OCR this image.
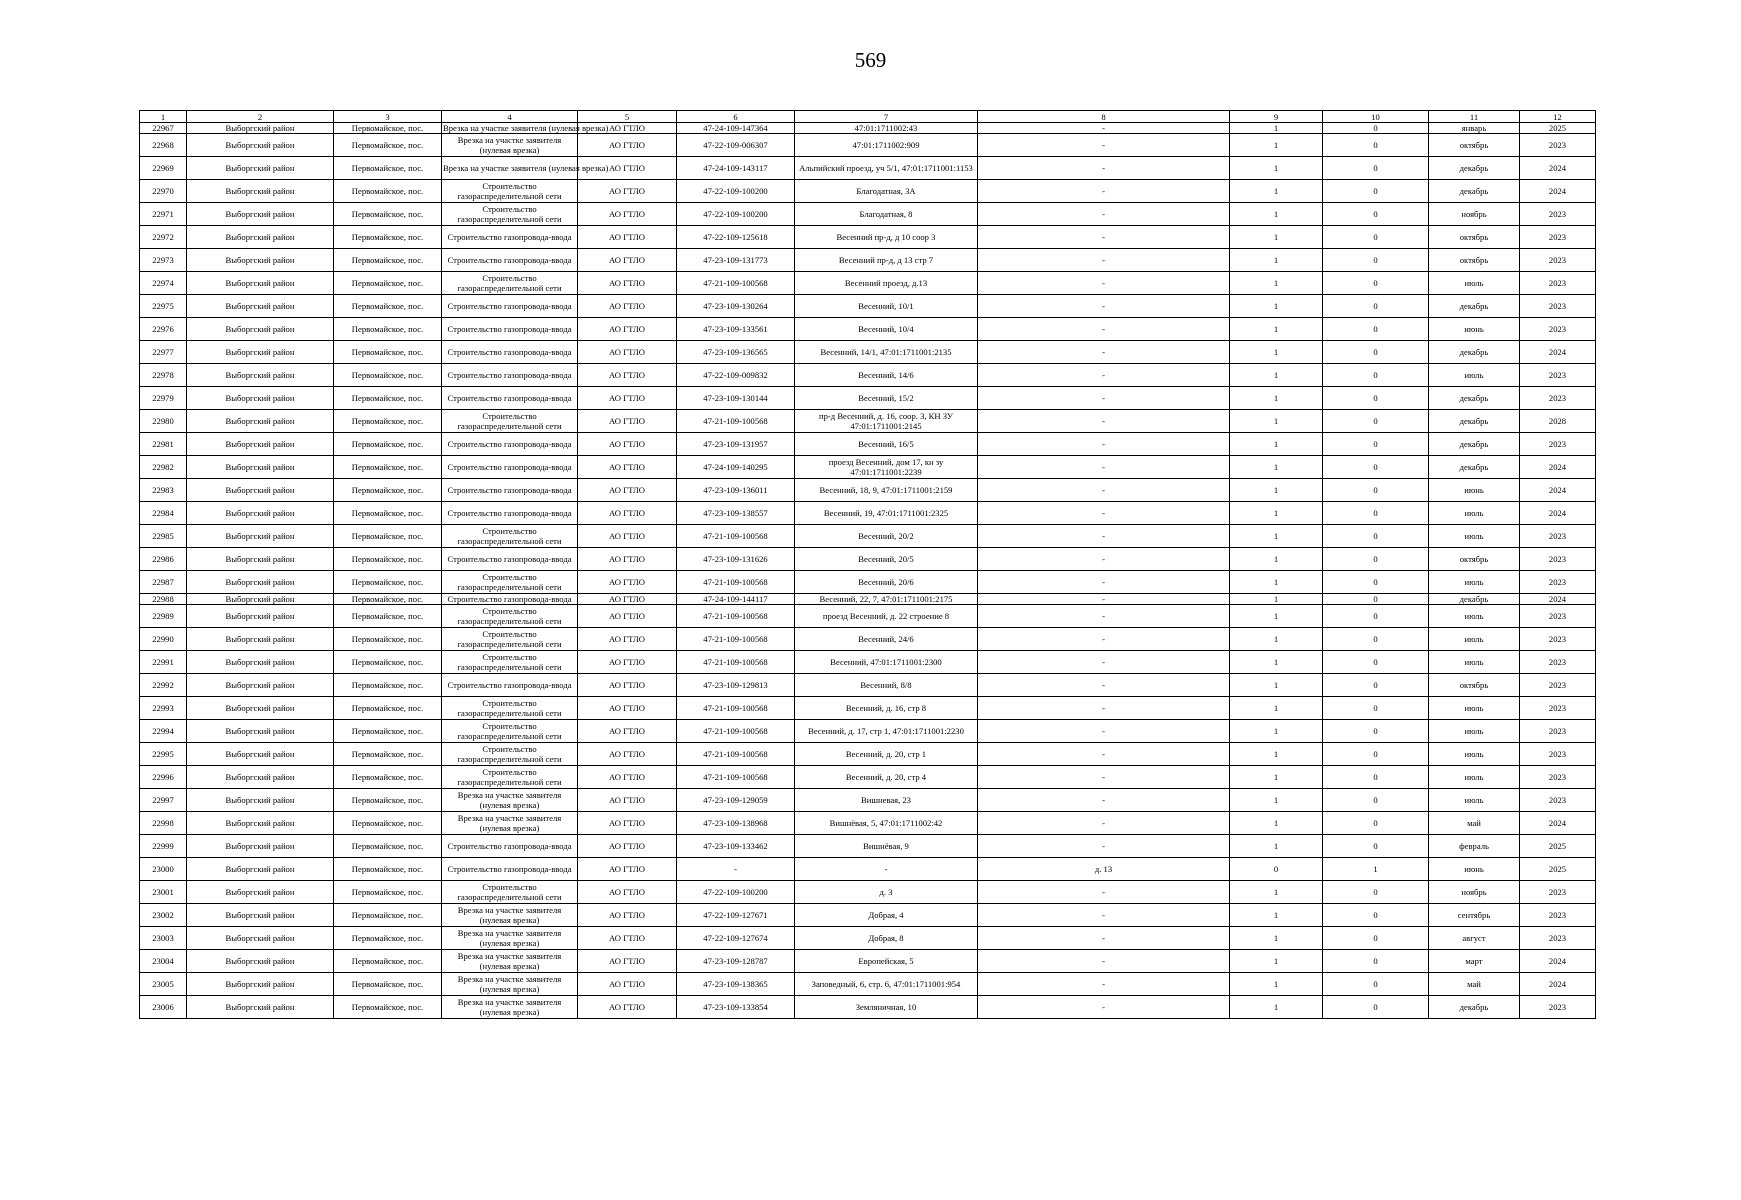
569
1	2	3	4	5	6	7	8	9	10	11	12
22967	Выборгский район	Первомайское, пос.	Врезка на участке заявителя (нулевая врезка)	АО ГТЛО	47-24-109-147364	47:01:1711002:43	-	1	0	январь	2025
22968	Выборгский район	Первомайское, пос.	Врезка на участке заявителя (нулевая врезка)	АО ГТЛО	47-22-109-006307	47:01:1711002:909	-	1	0	октябрь	2023
22969	Выборгский район	Первомайское, пос.	Врезка на участке заявителя (нулевая врезка)	АО ГТЛО	47-24-109-143117	Альпийский проезд, уч 5/1, 47:01:1711001:1153	-	1	0	декабрь	2024
22970	Выборгский район	Первомайское, пос.	Строительство газораспределительной сети	АО ГТЛО	47-22-109-100200	Благодатная, 3А	-	1	0	декабрь	2024
22971	Выборгский район	Первомайское, пос.	Строительство газораспределительной сети	АО ГТЛО	47-22-109-100200	Благодатная, 8	-	1	0	ноябрь	2023
22972	Выборгский район	Первомайское, пос.	Строительство газопровода-ввода	АО ГТЛО	47-22-109-125618	Весенний пр-д, д 10 соор 3	-	1	0	октябрь	2023
22973	Выборгский район	Первомайское, пос.	Строительство газопровода-ввода	АО ГТЛО	47-23-109-131773	Весенний пр-д, д 13 стр 7	-	1	0	октябрь	2023
22974	Выборгский район	Первомайское, пос.	Строительство газораспределительной сети	АО ГТЛО	47-21-109-100568	Весенний проезд, д.13	-	1	0	июль	2023
22975	Выборгский район	Первомайское, пос.	Строительство газопровода-ввода	АО ГТЛО	47-23-109-130264	Весенний, 10/1	-	1	0	декабрь	2023
22976	Выборгский район	Первомайское, пос.	Строительство газопровода-ввода	АО ГТЛО	47-23-109-133561	Весенний, 10/4	-	1	0	июнь	2023
22977	Выборгский район	Первомайское, пос.	Строительство газопровода-ввода	АО ГТЛО	47-23-109-136565	Весенний, 14/1, 47:01:1711001:2135	-	1	0	декабрь	2024
22978	Выборгский район	Первомайское, пос.	Строительство газопровода-ввода	АО ГТЛО	47-22-109-009832	Весенний, 14/6	-	1	0	июль	2023
22979	Выборгский район	Первомайское, пос.	Строительство газопровода-ввода	АО ГТЛО	47-23-109-130144	Весенний, 15/2	-	1	0	декабрь	2023
22980	Выборгский район	Первомайское, пос.	Строительство газораспределительной сети	АО ГТЛО	47-21-109-100568	пр-д Весенний, д. 16, соор. 3, КН ЗУ 47:01:1711001:2145	-	1	0	декабрь	2028
22981	Выборгский район	Первомайское, пос.	Строительство газопровода-ввода	АО ГТЛО	47-23-109-131957	Весенний, 16/5	-	1	0	декабрь	2023
22982	Выборгский район	Первомайское, пос.	Строительство газопровода-ввода	АО ГТЛО	47-24-109-140295	проезд Весенний, дом 17, кн зу 47:01:1711001:2239	-	1	0	декабрь	2024
22983	Выборгский район	Первомайское, пос.	Строительство газопровода-ввода	АО ГТЛО	47-23-109-136011	Весенний, 18, 9, 47:01:1711001:2159	-	1	0	июнь	2024
22984	Выборгский район	Первомайское, пос.	Строительство газопровода-ввода	АО ГТЛО	47-23-109-138557	Весенний, 19, 47:01:1711001:2325	-	1	0	июль	2024
22985	Выборгский район	Первомайское, пос.	Строительство газораспределительной сети	АО ГТЛО	47-21-109-100568	Весенний, 20/2	-	1	0	июль	2023
22986	Выборгский район	Первомайское, пос.	Строительство газопровода-ввода	АО ГТЛО	47-23-109-131626	Весенний, 20/5	-	1	0	октябрь	2023
22987	Выборгский район	Первомайское, пос.	Строительство газораспределительной сети	АО ГТЛО	47-21-109-100568	Весенний, 20/6	-	1	0	июль	2023
22988	Выборгский район	Первомайское, пос.	Строительство газопровода-ввода	АО ГТЛО	47-24-109-144117	Весенний, 22, 7, 47:01:1711001:2175	-	1	0	декабрь	2024
22989	Выборгский район	Первомайское, пос.	Строительство газораспределительной сети	АО ГТЛО	47-21-109-100568	проезд Весенний, д. 22 строение 8	-	1	0	июль	2023
22990	Выборгский район	Первомайское, пос.	Строительство газораспределительной сети	АО ГТЛО	47-21-109-100568	Весенний, 24/6	-	1	0	июль	2023
22991	Выборгский район	Первомайское, пос.	Строительство газораспределительной сети	АО ГТЛО	47-21-109-100568	Весенний, 47:01:1711001:2300	-	1	0	июль	2023
22992	Выборгский район	Первомайское, пос.	Строительство газопровода-ввода	АО ГТЛО	47-23-109-129813	Весенний, 8/8	-	1	0	октябрь	2023
22993	Выборгский район	Первомайское, пос.	Строительство газораспределительной сети	АО ГТЛО	47-21-109-100568	Весенний, д. 16, стр 8	-	1	0	июль	2023
22994	Выборгский район	Первомайское, пос.	Строительство газораспределительной сети	АО ГТЛО	47-21-109-100568	Весенний, д. 17, стр 1, 47:01:1711001:2230	-	1	0	июль	2023
22995	Выборгский район	Первомайское, пос.	Строительство газораспределительной сети	АО ГТЛО	47-21-109-100568	Весенний, д. 20, стр 1	-	1	0	июль	2023
22996	Выборгский район	Первомайское, пос.	Строительство газораспределительной сети	АО ГТЛО	47-21-109-100568	Весенний, д. 20, стр 4	-	1	0	июль	2023
22997	Выборгский район	Первомайское, пос.	Врезка на участке заявителя (нулевая врезка)	АО ГТЛО	47-23-109-129059	Вишневая, 23	-	1	0	июль	2023
22998	Выборгский район	Первомайское, пос.	Врезка на участке заявителя (нулевая врезка)	АО ГТЛО	47-23-109-138968	Вишнёвая, 5, 47:01:1711002:42	-	1	0	май	2024
22999	Выборгский район	Первомайское, пос.	Строительство газопровода-ввода	АО ГТЛО	47-23-109-133462	Вишнёвая, 9	-	1	0	февраль	2025
23000	Выборгский район	Первомайское, пос.	Строительство газопровода-ввода	АО ГТЛО	-	-	д. 13	0	1	июнь	2025
23001	Выборгский район	Первомайское, пос.	Строительство газораспределительной сети	АО ГТЛО	47-22-109-100200	д. 3	-	1	0	ноябрь	2023
23002	Выборгский район	Первомайское, пос.	Врезка на участке заявителя (нулевая врезка)	АО ГТЛО	47-22-109-127671	Добрая, 4	-	1	0	сентябрь	2023
23003	Выборгский район	Первомайское, пос.	Врезка на участке заявителя (нулевая врезка)	АО ГТЛО	47-22-109-127674	Добрая, 8	-	1	0	август	2023
23004	Выборгский район	Первомайское, пос.	Врезка на участке заявителя (нулевая врезка)	АО ГТЛО	47-23-109-128787	Европейская, 5	-	1	0	март	2024
23005	Выборгский район	Первомайское, пос.	Врезка на участке заявителя (нулевая врезка)	АО ГТЛО	47-23-109-138365	Заповедный, 6, стр. 6, 47:01:1711001:954	-	1	0	май	2024
23006	Выборгский район	Первомайское, пос.	Врезка на участке заявителя (нулевая врезка)	АО ГТЛО	47-23-109-133854	Земляничная, 10	-	1	0	декабрь	2023
